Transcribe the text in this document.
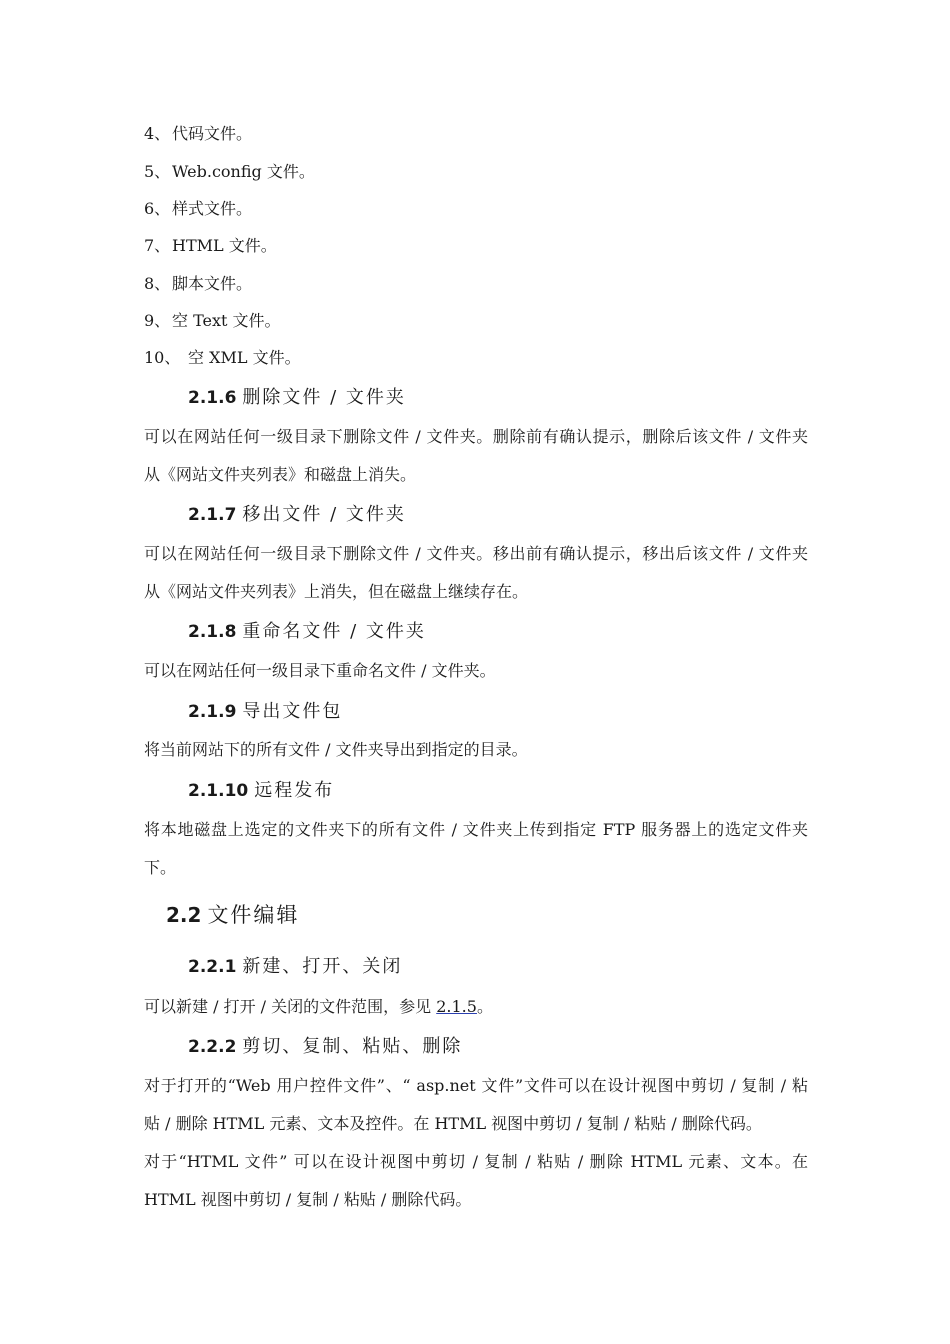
4、 代码文件。
5、 Web.config 文件。
6、 样式文件。
7、 HTML 文件。
8、 脚本文件。
9、 空 Text 文件。
10、 空 XML 文件。
2.1.6 删除文件 / 文件夹
可以在网站任何一级目录下删除文件 / 文件夹。删除前有确认提示，删除后该文件 / 文件夹
从《网站文件夹列表》和磁盘上消失。
2.1.7 移出文件 / 文件夹
可以在网站任何一级目录下删除文件 / 文件夹。移出前有确认提示，移出后该文件 / 文件夹
从《网站文件夹列表》上消失，但在磁盘上继续存在。
2.1.8 重命名文件 / 文件夹
可以在网站任何一级目录下重命名文件 / 文件夹。
2.1.9 导出文件包
将当前网站下的所有文件 / 文件夹导出到指定的目录。
2.1.10 远程发布
将本地磁盘上选定的文件夹下的所有文件 / 文件夹上传到指定 FTP 服务器上的选定文件夹
下。
2.2 文件编辑
2.2.1 新建、打开、关闭
可以新建 / 打开 / 关闭的文件范围，参见 2.1.5。
2.2.2 剪切、复制、粘贴、删除
对于打开的“Web 用户控件文件”、“ asp.net 文件”文件可以在设计视图中剪切 / 复制 / 粘
贴 / 删除 HTML 元素、文本及控件。在 HTML 视图中剪切 / 复制 / 粘贴 / 删除代码。
对于“HTML 文件” 可以在设计视图中剪切 / 复制 / 粘贴 / 删除 HTML 元素、文本。在
HTML 视图中剪切 / 复制 / 粘贴 / 删除代码。
